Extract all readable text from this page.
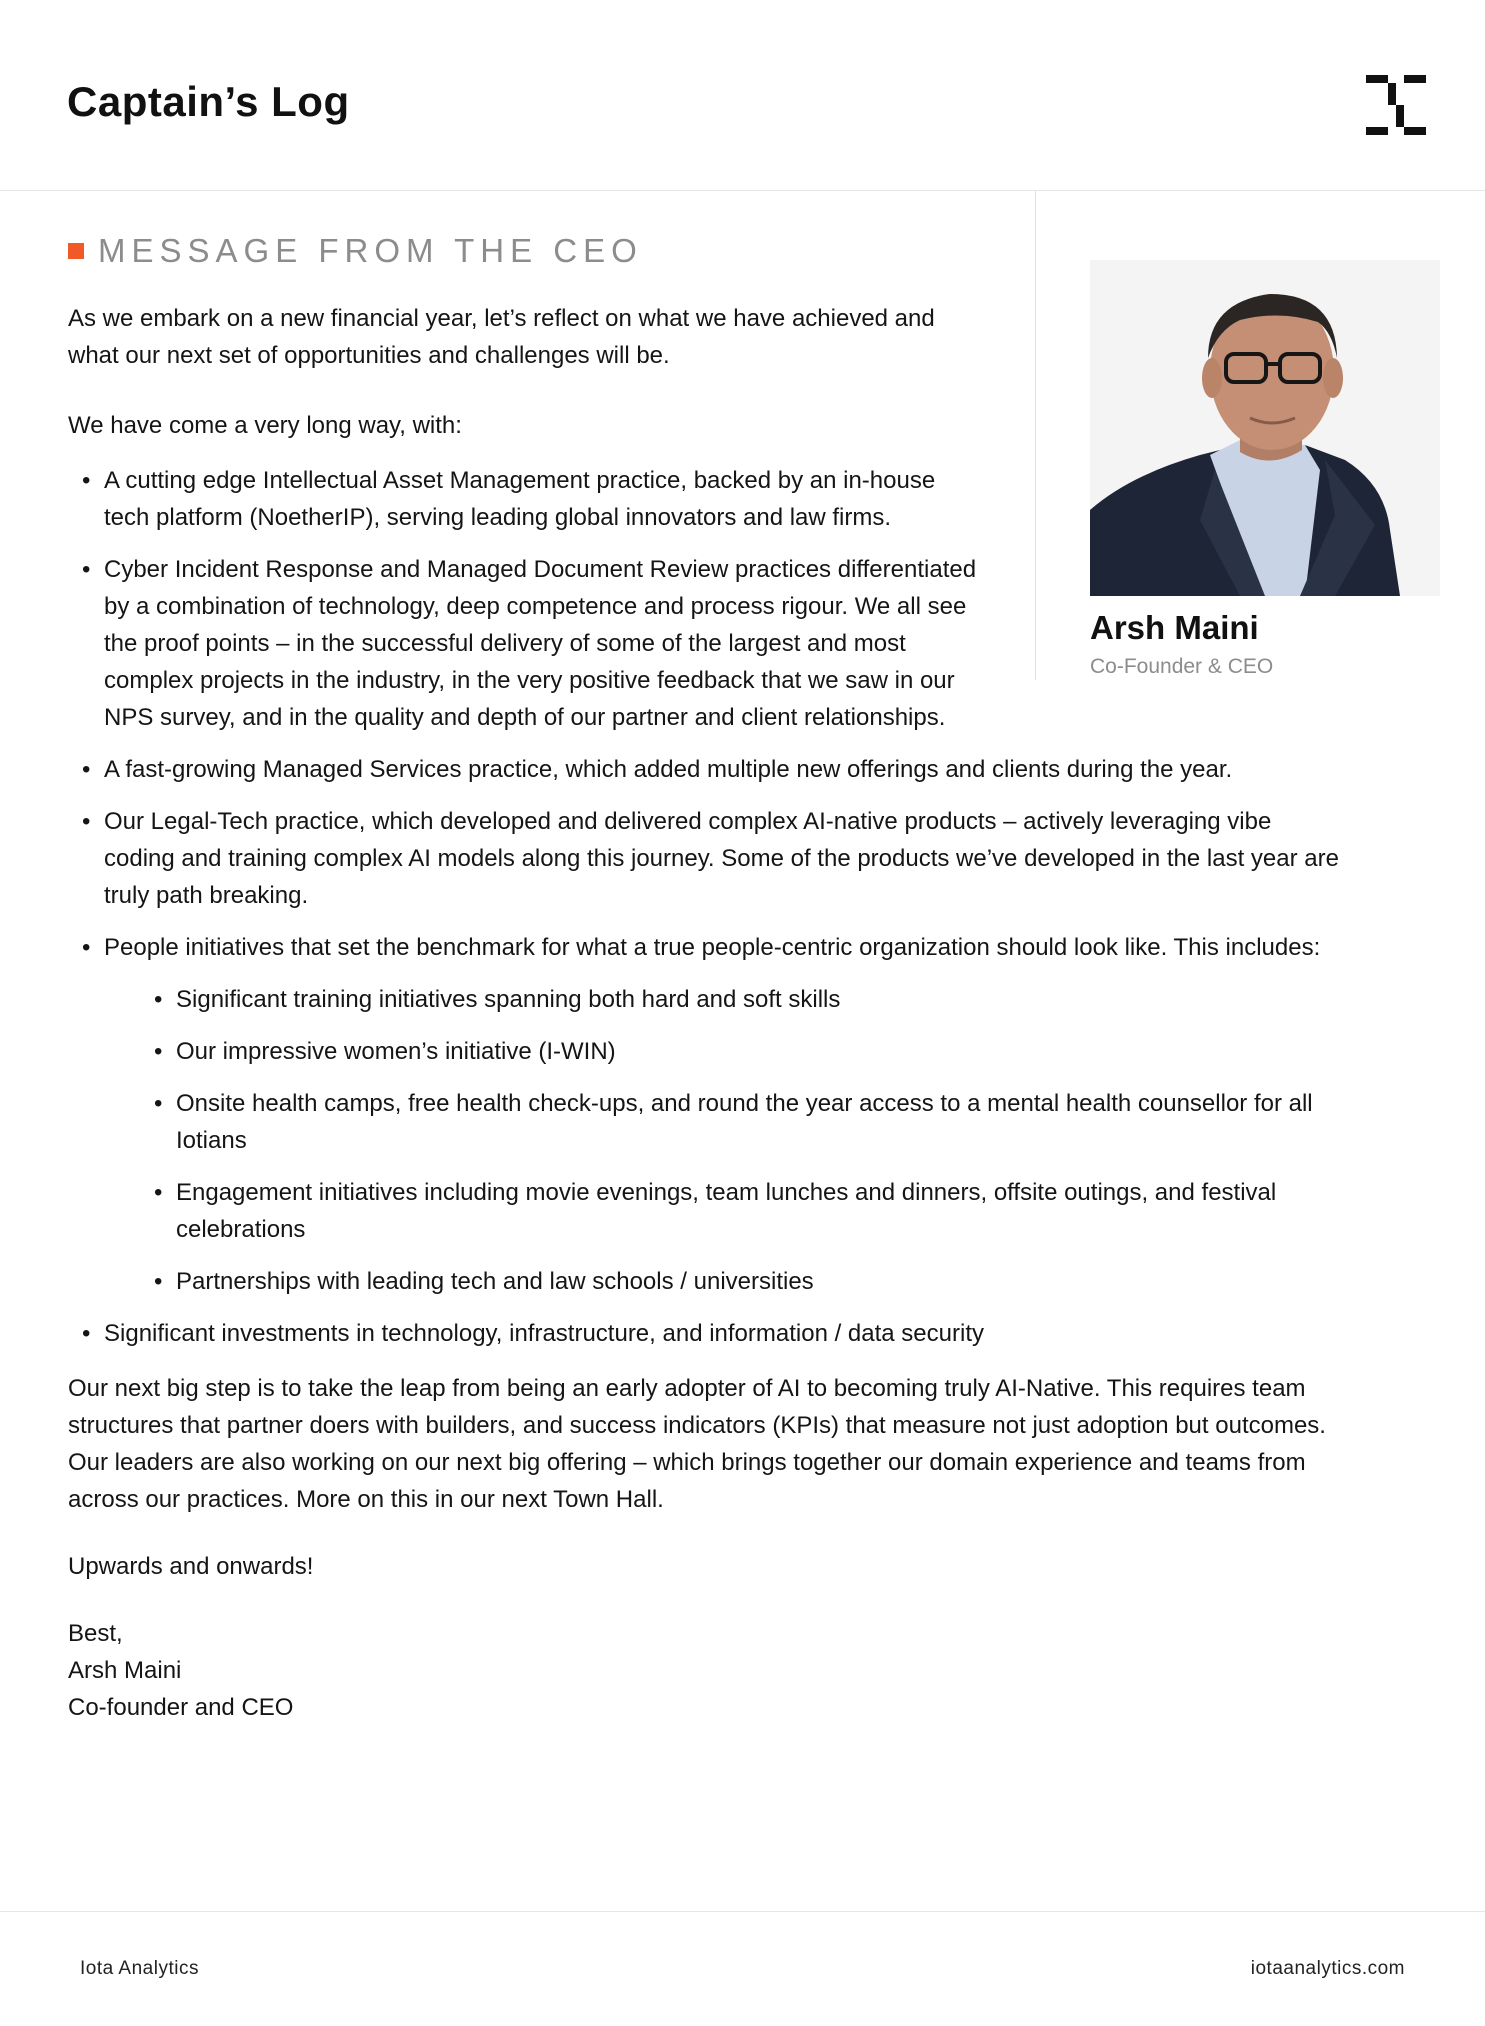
Captain’s Log
MESSAGE FROM THE CEO
Arsh Maini
Co-Founder & CEO

As we embark on a new financial year, let’s reflect on what we have achieved and what our next set of opportunities and challenges will be.

We have come a very long way, with:

• A cutting edge Intellectual Asset Management practice, backed by an in-house tech platform (NoetherIP), serving leading global innovators and law firms.
• Cyber Incident Response and Managed Document Review practices differentiated by a combination of technology, deep competence and process rigour. We all see the proof points – in the successful delivery of some of the largest and most complex projects in the industry, in the very positive feedback that we saw in our NPS survey, and in the quality and depth of our partner and client relationships.
• A fast-growing Managed Services practice, which added multiple new offerings and clients during the year.
• Our Legal-Tech practice, which developed and delivered complex AI-native products – actively leveraging vibe coding and training complex AI models along this journey. Some of the products we’ve developed in the last year are truly path breaking.
• People initiatives that set the benchmark for what a true people-centric organization should look like. This includes:
• Significant training initiatives spanning both hard and soft skills
• Our impressive women’s initiative (I-WIN)
• Onsite health camps, free health check-ups, and round the year access to a mental health counsellor for all Iotians
• Engagement initiatives including movie evenings, team lunches and dinners, offsite outings, and festival celebrations
• Partnerships with leading tech and law schools / universities
• Significant investments in technology, infrastructure, and information / data security

Our next big step is to take the leap from being an early adopter of AI to becoming truly AI-Native. This requires team structures that partner doers with builders, and success indicators (KPIs) that measure not just adoption but outcomes. Our leaders are also working on our next big offering – which brings together our domain experience and teams from across our practices. More on this in our next Town Hall.

Upwards and onwards!

Best,
Arsh Maini
Co-founder and CEO
Iota Analytics	iotaanalytics.com
